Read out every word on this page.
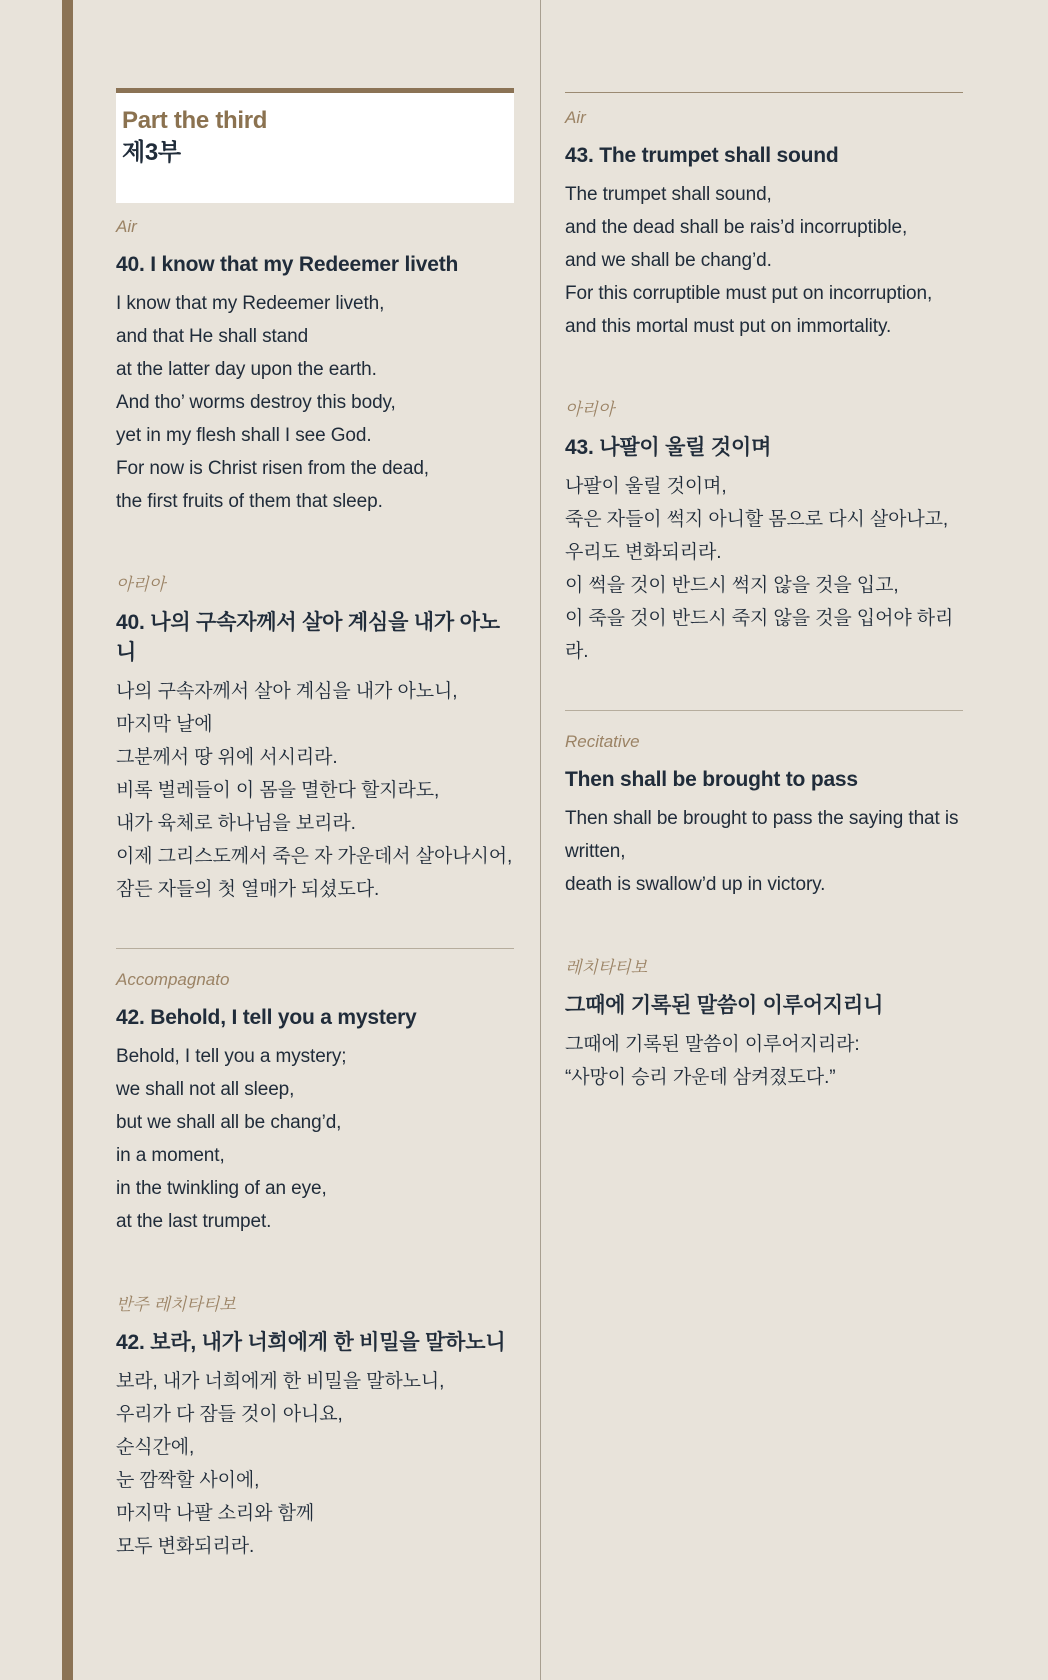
Part the third
제3부

Air

40. I know that my Redeemer liveth

I know that my Redeemer liveth,

and that He shall stand

at the latter day upon the earth.

And tho’ worms destroy this body,

yet in my flesh shall I see God.

For now is Christ risen from the dead,

the first fruits of them that sleep.

아리아

40. 나의 구속자께서 살아 계심을 내가 아노니

나의 구속자께서 살아 계심을 내가 아노니,

마지막 날에

그분께서 땅 위에 서시리라.

비록 벌레들이 이 몸을 멸한다 할지라도,

내가 육체로 하나님을 보리라.

이제 그리스도께서 죽은 자 가운데서 살아나시어,

잠든 자들의 첫 열매가 되셨도다.

Accompagnato

42. Behold, I tell you a mystery

Behold, I tell you a mystery;

we shall not all sleep,

but we shall all be chang’d,

in a moment,

in the twinkling of an eye,

at the last trumpet.

반주 레치타티보

42. 보라, 내가 너희에게 한 비밀을 말하노니

보라, 내가 너희에게 한 비밀을 말하노니,

우리가 다 잠들 것이 아니요,

순식간에,

눈 깜짝할 사이에,

마지막 나팔 소리와 함께

모두 변화되리라.

Air

43. The trumpet shall sound

The trumpet shall sound,

and the dead shall be rais’d incorruptible,

and we shall be chang’d.

For this corruptible must put on incorruption,

and this mortal must put on immortality.

아리아

43. 나팔이 울릴 것이며

나팔이 울릴 것이며,

죽은 자들이 썩지 아니할 몸으로 다시 살아나고,

우리도 변화되리라.

이 썩을 것이 반드시 썩지 않을 것을 입고,

이 죽을 것이 반드시 죽지 않을 것을 입어야 하리라.

Recitative

Then shall be brought to pass

Then shall be brought to pass the saying that is written,

death is swallow’d up in victory.

레치타티보

그때에 기록된 말씀이 이루어지리니

그때에 기록된 말씀이 이루어지리라:

“사망이 승리 가운데 삼켜졌도다.”
